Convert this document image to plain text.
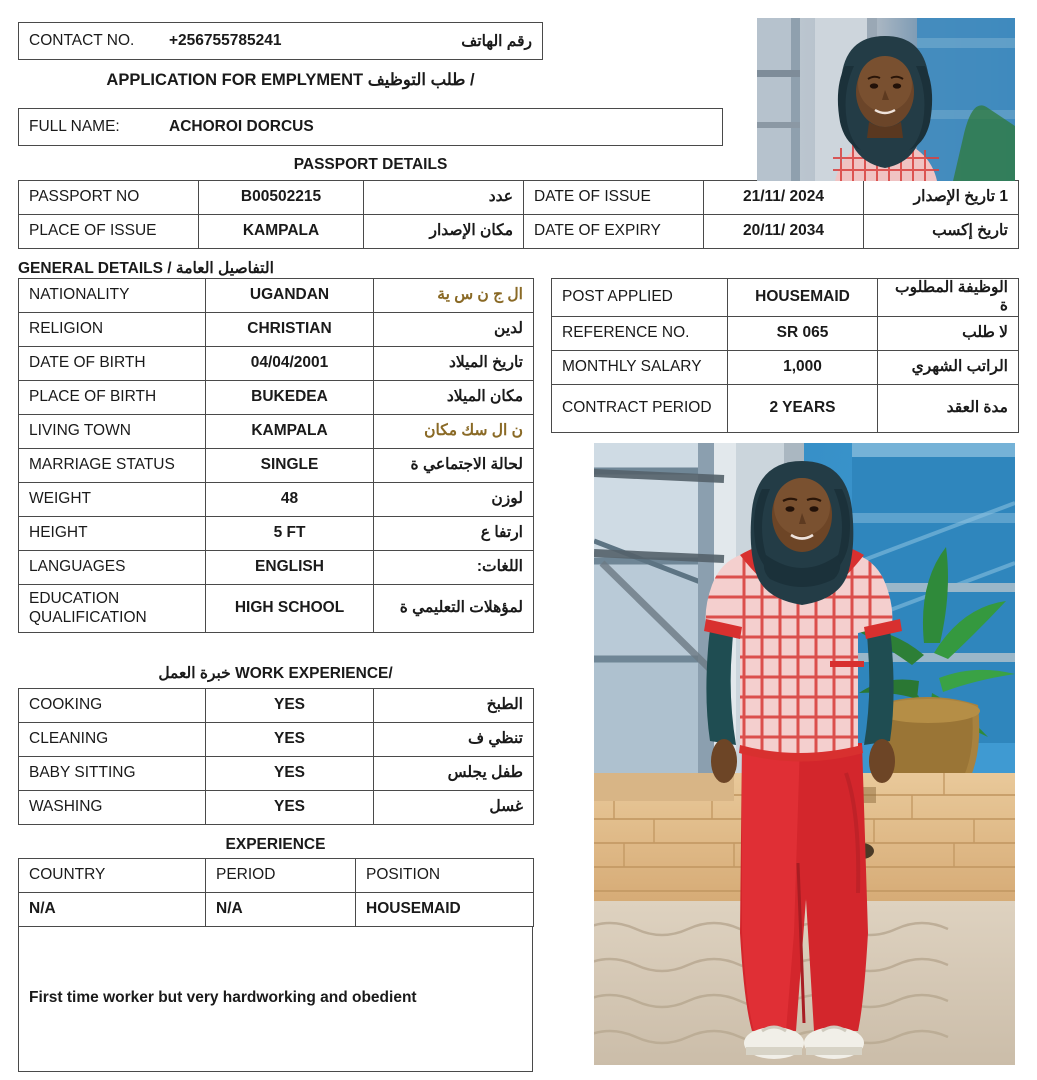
CONTACT NO.	+256755785241	رقم الهاتف
APPLICATION FOR EMPLYMENT طلب التوظيف /
FULL NAME:	ACHOROI DORCUS
PASSPORT DETAILS
PASSPORT NO	B00502215	عدد	DATE OF ISSUE	21/11/ 2024	1 تاريخ الإصدار
PLACE OF ISSUE	KAMPALA	مكان الإصدار	DATE OF EXPIRY	20/11/ 2034	تاريخ إكسب
GENERAL DETAILS / التفاصيل العامة
NATIONALITY	UGANDAN	ال ج ن س ية
RELIGION	CHRISTIAN	لدين
DATE OF BIRTH	04/04/2001	تاريخ الميلاد
PLACE OF BIRTH	BUKEDEA	مكان الميلاد
LIVING TOWN	KAMPALA	ن ال سك مكان
MARRIAGE STATUS	SINGLE	لحالة الاجتماعي ة
WEIGHT	48	لوزن
HEIGHT	5 FT	ارتفا ع
LANGUAGES	ENGLISH	اللغات:
EDUCATION QUALIFICATION	HIGH SCHOOL	لمؤهلات التعليمي ة
POST APPLIED	HOUSEMAID	الوظيفة المطلوب ة
REFERENCE NO.	SR 065	لا طلب
MONTHLY SALARY	1,000	الراتب الشهري
CONTRACT PERIOD	2 YEARS	مدة العقد
خبرة العمل WORK EXPERIENCE/
COOKING	YES	الطبخ
CLEANING	YES	تنظي ف
BABY SITTING	YES	طفل يجلس
WASHING	YES	غسل
EXPERIENCE
COUNTRY	PERIOD	POSITION
N/A	N/A	HOUSEMAID
First time worker but very hardworking and obedient
